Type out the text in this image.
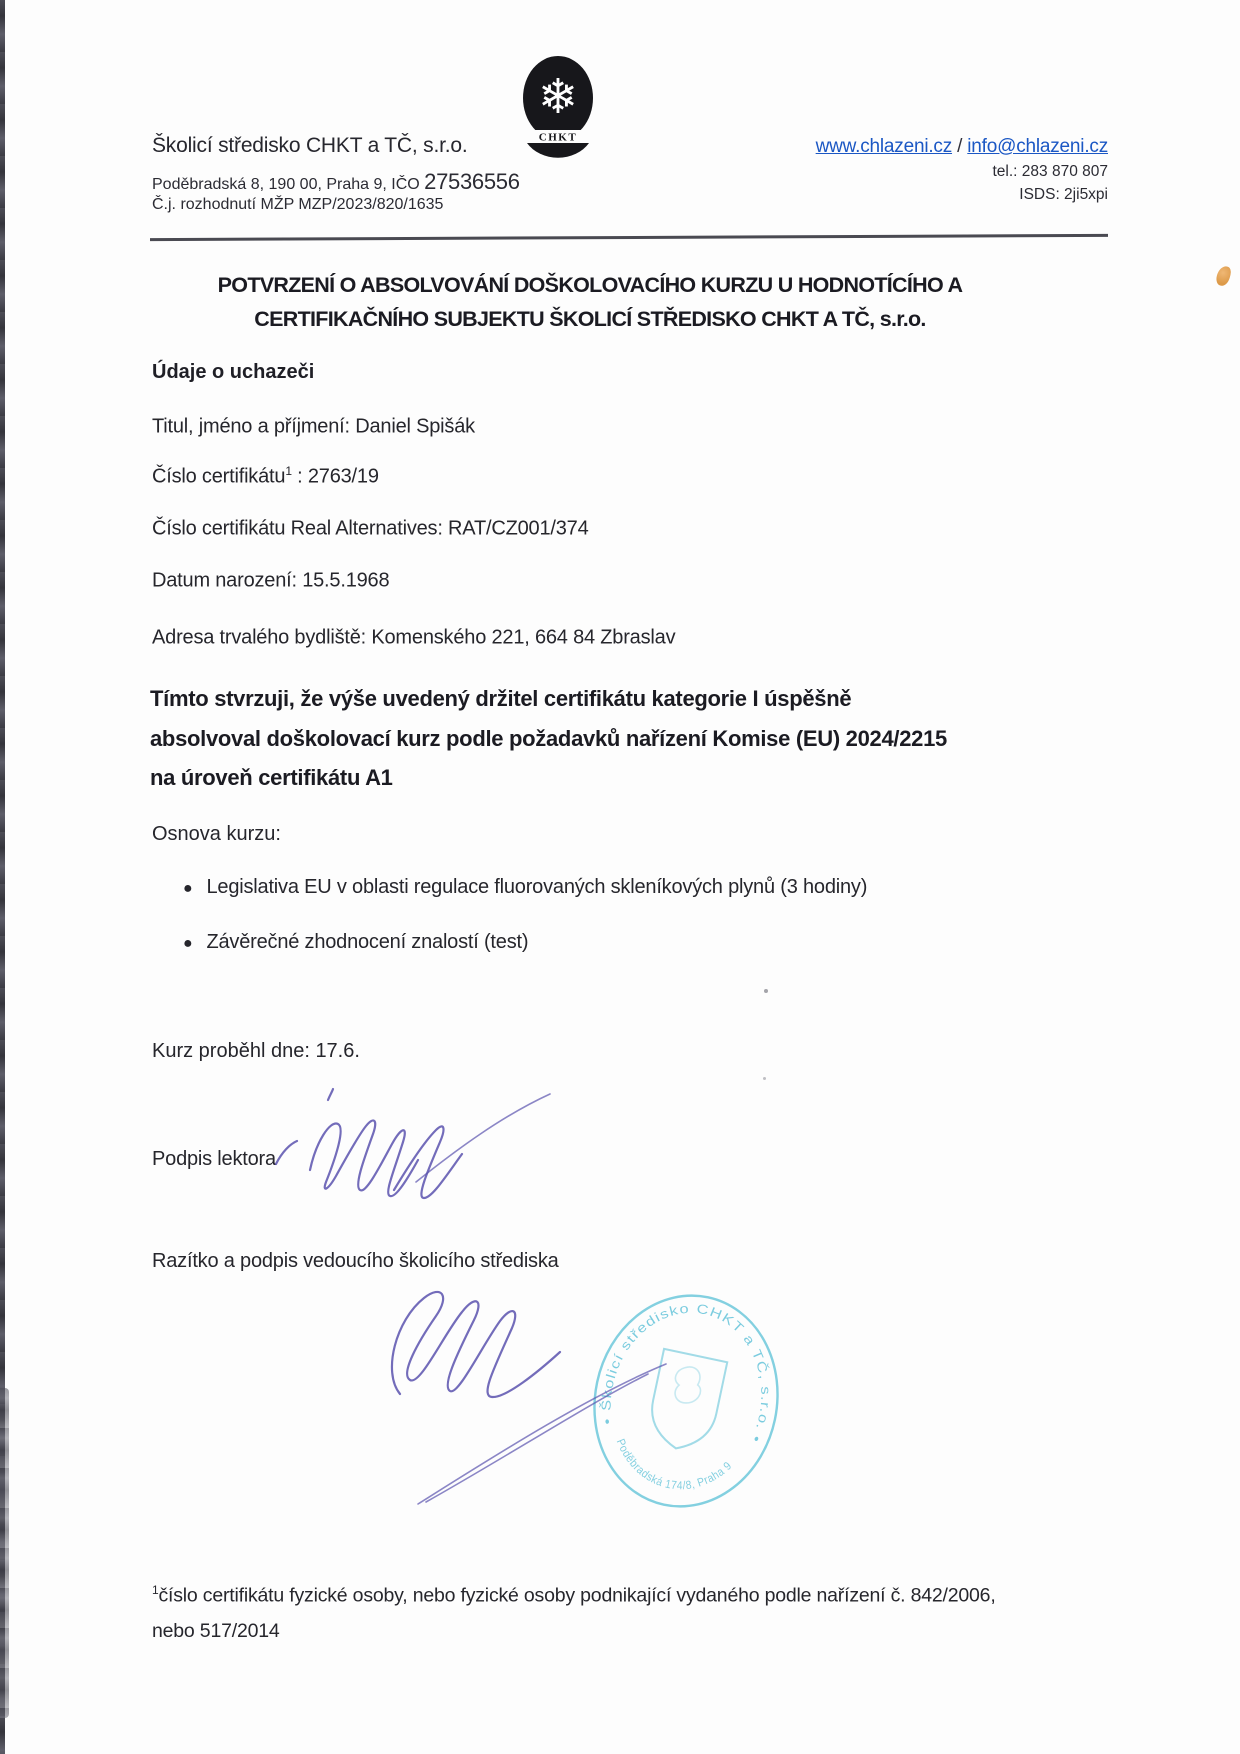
❄
CHKT
Školicí středisko CHKT a TČ, s.r.o.
Poděbradská 8, 190 00, Praha 9, IČO 27536556
Č.j. rozhodnutí MŽP MZP/2023/820/1635
www.chlazeni.cz / info@chlazeni.cz
tel.: 283 870 807
ISDS: 2ji5xpi
POTVRZENÍ O ABSOLVOVÁNÍ DOŠKOLOVACÍHO KURZU U HODNOTÍCÍHO A
CERTIFIKAČNÍHO SUBJEKTU ŠKOLICÍ STŘEDISKO CHKT A TČ, s.r.o.
Údaje o uchazeči
Titul, jméno a příjmení: Daniel Spišák
Číslo certifikátu$^1$ : 2763/19
Číslo certifikátu Real Alternatives: RAT/CZ001/374
Datum narození: 15.5.1968
Adresa trvalého bydliště: Komenského 221, 664 84 Zbraslav
Tímto stvrzuji, že výše uvedený držitel certifikátu kategorie I úspěšně
absolvoval doškolovací kurz podle požadavků nařízení Komise (EU) 2024/2215
na úroveň certifikátu A1
Osnova kurzu:
● Legislativa EU v oblasti regulace fluorovaných skleníkových plynů (3 hodiny)
● Závěrečné zhodnocení znalostí (test)
Kurz proběhl dne: 17.6.
Podpis lektora
Razítko a podpis vedoucího školicího střediska
• Školicí středisko CHKT a TČ, s.r.o. •
Poděbradská 174/8, Praha 9
$^1$číslo certifikátu fyzické osoby, nebo fyzické osoby podnikající vydaného podle nařízení č. 842/2006,
nebo 517/2014
